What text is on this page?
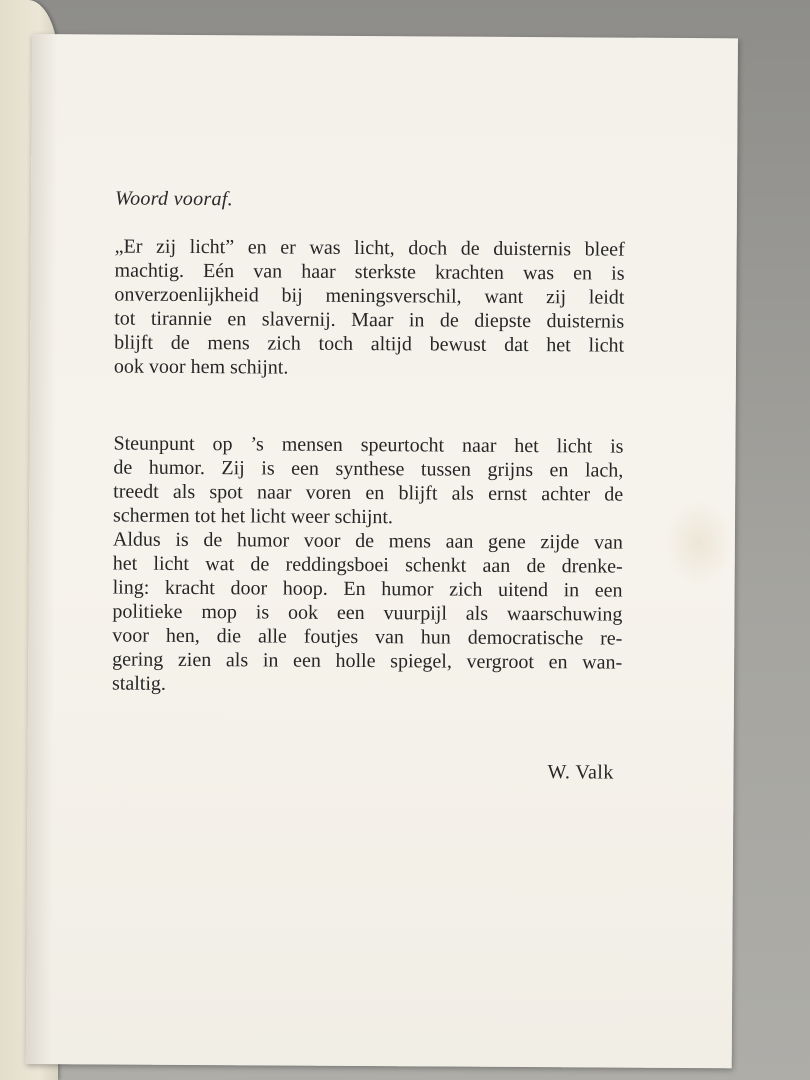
Woord vooraf.
„Er zij licht” en er was licht, doch de duisternis bleef
machtig. Eén van haar sterkste krachten was en is
onverzoenlijkheid bij meningsverschil, want zij leidt
tot tirannie en slavernij. Maar in de diepste duisternis
blijft de mens zich toch altijd bewust dat het licht
ook voor hem schijnt.
Steunpunt op ’s mensen speurtocht naar het licht is
de humor. Zij is een synthese tussen grijns en lach,
treedt als spot naar voren en blijft als ernst achter de
schermen tot het licht weer schijnt.
Aldus is de humor voor de mens aan gene zijde van
het licht wat de reddingsboei schenkt aan de drenke-
ling: kracht door hoop. En humor zich uitend in een
politieke mop is ook een vuurpijl als waarschuwing
voor hen, die alle foutjes van hun democratische re-
gering zien als in een holle spiegel, vergroot en wan-
staltig.
W. Valk
